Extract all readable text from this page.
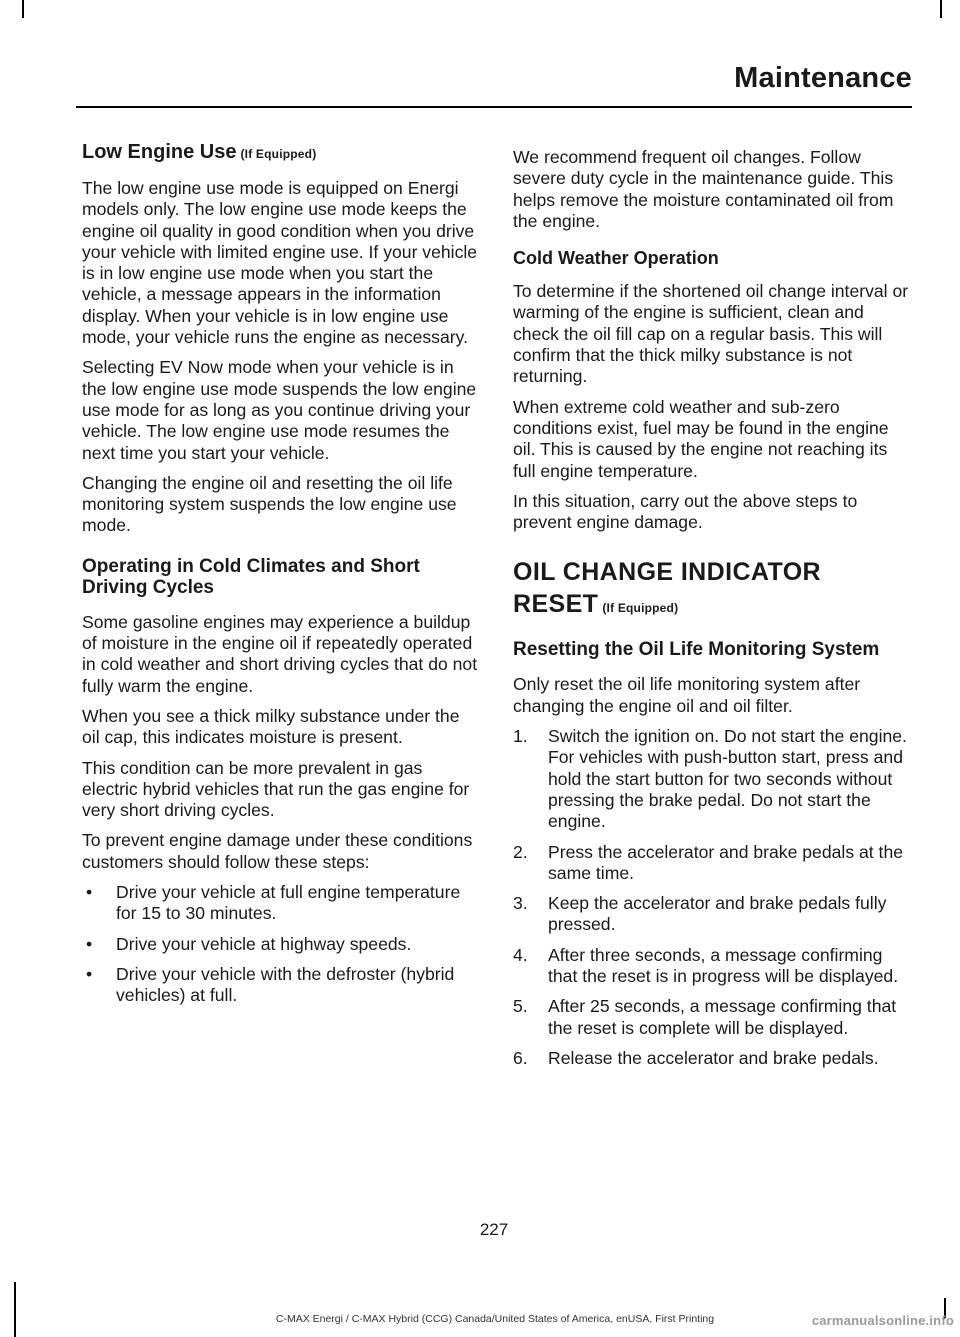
Maintenance
Low Engine Use (If Equipped)

The low engine use mode is equipped on Energi models only. The low engine use mode keeps the engine oil quality in good condition when you drive your vehicle with limited engine use. If your vehicle is in low engine use mode when you start the vehicle, a message appears in the information display. When your vehicle is in low engine use mode, your vehicle runs the engine as necessary.

Selecting EV Now mode when your vehicle is in the low engine use mode suspends the low engine use mode for as long as you continue driving your vehicle. The low engine use mode resumes the next time you start your vehicle.

Changing the engine oil and resetting the oil life monitoring system suspends the low engine use mode.

Operating in Cold Climates and Short Driving Cycles

Some gasoline engines may experience a buildup of moisture in the engine oil if repeatedly operated in cold weather and short driving cycles that do not fully warm the engine.

When you see a thick milky substance under the oil cap, this indicates moisture is present.

This condition can be more prevalent in gas electric hybrid vehicles that run the gas engine for very short driving cycles.

To prevent engine damage under these conditions customers should follow these steps:

• Drive your vehicle at full engine temperature for 15 to 30 minutes.
• Drive your vehicle at highway speeds.
• Drive your vehicle with the defroster (hybrid vehicles) at full.

We recommend frequent oil changes. Follow severe duty cycle in the maintenance guide. This helps remove the moisture contaminated oil from the engine.

Cold Weather Operation

To determine if the shortened oil change interval or warming of the engine is sufficient, clean and check the oil fill cap on a regular basis. This will confirm that the thick milky substance is not returning.

When extreme cold weather and sub-zero conditions exist, fuel may be found in the engine oil. This is caused by the engine not reaching its full engine temperature.

In this situation, carry out the above steps to prevent engine damage.

OIL CHANGE INDICATOR
RESET (If Equipped)
Resetting the Oil Life Monitoring System

Only reset the oil life monitoring system after changing the engine oil and oil filter.

1. Switch the ignition on. Do not start the engine. For vehicles with push-button start, press and hold the start button for two seconds without pressing the brake pedal. Do not start the engine.
2. Press the accelerator and brake pedals at the same time.
3. Keep the accelerator and brake pedals fully pressed.
4. After three seconds, a message confirming that the reset is in progress will be displayed.
5. After 25 seconds, a message confirming that the reset is complete will be displayed.
6. Release the accelerator and brake pedals.
227
C-MAX Energi / C-MAX Hybrid (CCG) Canada/United States of America, enUSA, First Printing	carmanualsonline.info
